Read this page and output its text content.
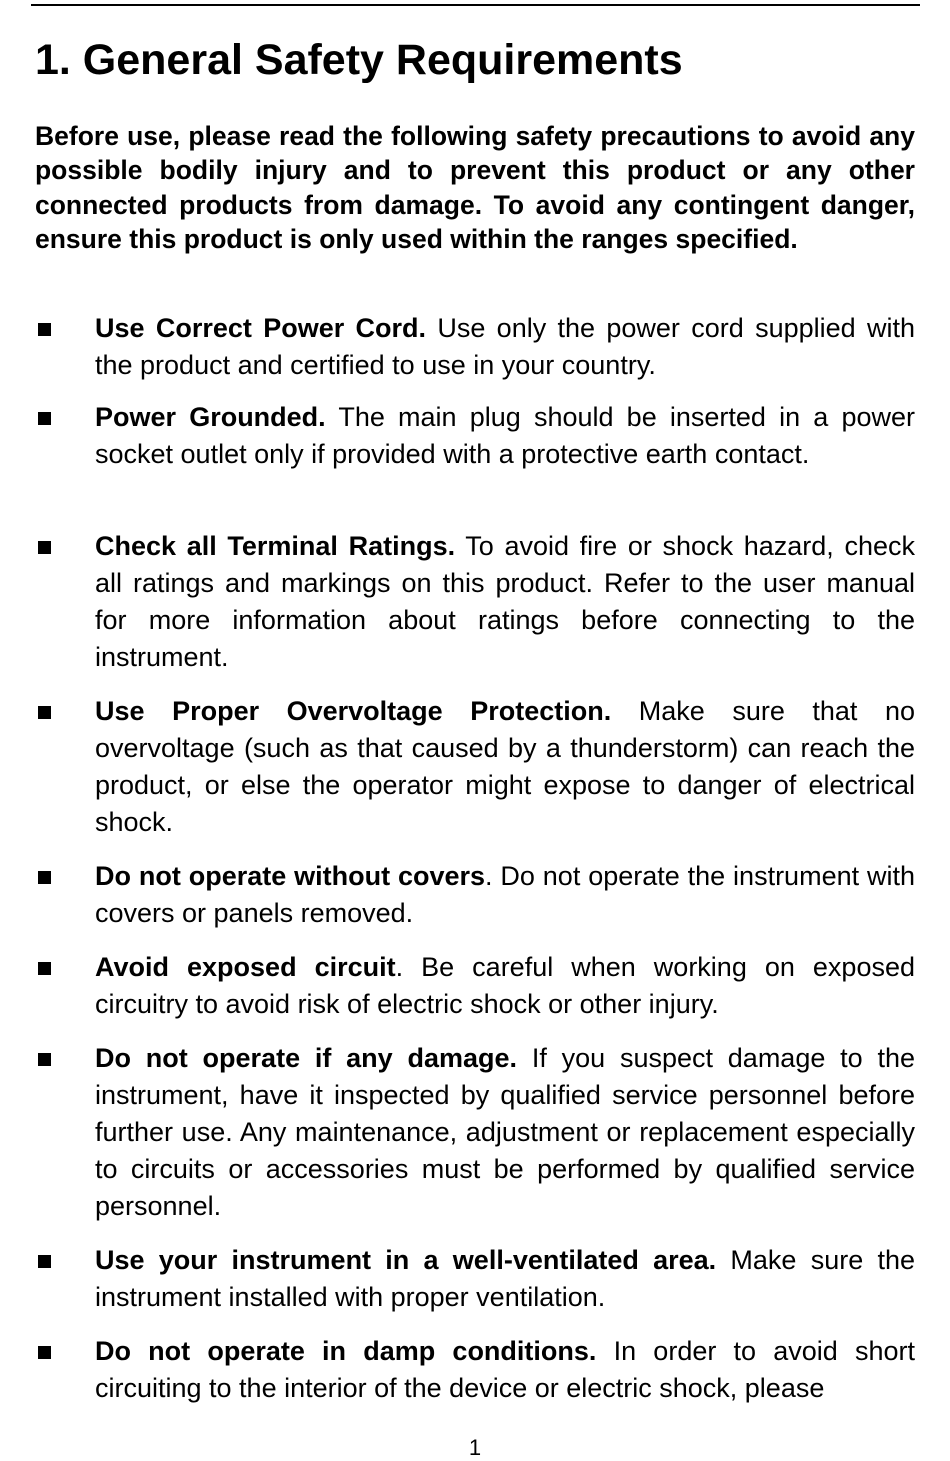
1. General Safety Requirements

Before use, please read the following safety precautions to avoid any possible bodily injury and to prevent this product or any other connected products from damage. To avoid any contingent danger, ensure this product is only used within the ranges specified.

Use Correct Power Cord. Use only the power cord supplied with the product and certified to use in your country.
Power Grounded. The main plug should be inserted in a power socket outlet only if provided with a protective earth contact.
Check all Terminal Ratings. To avoid fire or shock hazard, check all ratings and markings on this product. Refer to the user manual for more information about ratings before connecting to the instrument.
Use Proper Overvoltage Protection. Make sure that no overvoltage (such as that caused by a thunderstorm) can reach the product, or else the operator might expose to danger of electrical shock.
Do not operate without covers. Do not operate the instrument with covers or panels removed.
Avoid exposed circuit. Be careful when working on exposed circuitry to avoid risk of electric shock or other injury.
Do not operate if any damage. If you suspect damage to the instrument, have it inspected by qualified service personnel before further use. Any maintenance, adjustment or replacement especially to circuits or accessories must be performed by qualified service personnel.
Use your instrument in a well-ventilated area. Make sure the instrument installed with proper ventilation.
Do not operate in damp conditions. In order to avoid short circuiting to the interior of the device or electric shock, please
1
